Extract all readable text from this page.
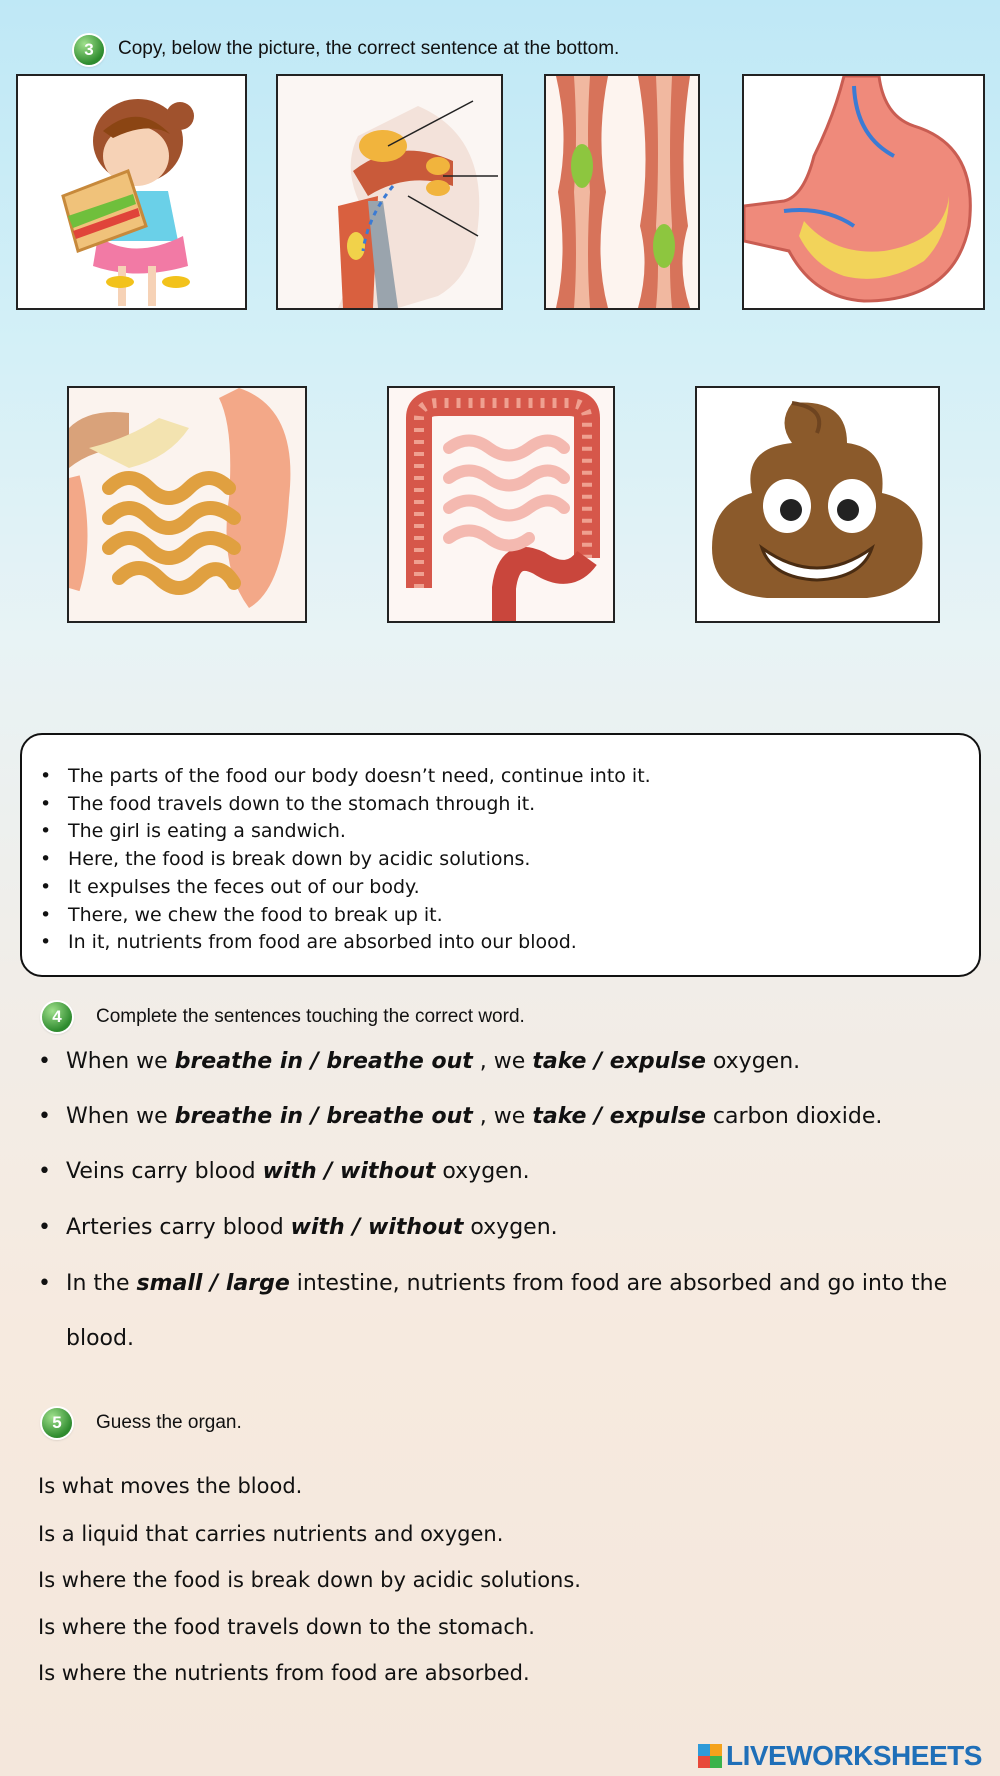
3	Copy, below the picture, the correct sentence at the bottom.
• The parts of the food our body doesn’t need, continue into it.
• The food travels down to the stomach through it.
• The girl is eating a sandwich.
• Here, the food is break down by acidic solutions.
• It expulses the feces out of our body.
• There, we chew the food to break up it.
• In it, nutrients from food are absorbed into our blood.
4	Complete the sentences touching the correct word.
• When we breathe in / breathe out , we take / expulse oxygen.
• When we breathe in / breathe out , we take / expulse carbon dioxide.
• Veins carry blood with / without oxygen.
• Arteries carry blood with / without oxygen.
• In the small / large intestine, nutrients from food are absorbed and go into the
blood.
5	Guess the organ.
Is what moves the blood.
Is a liquid that carries nutrients and oxygen.
Is where the food is break down by acidic solutions.
Is where the food travels down to the stomach.
Is where the nutrients from food are absorbed.
LIVEWORKSHEETS
